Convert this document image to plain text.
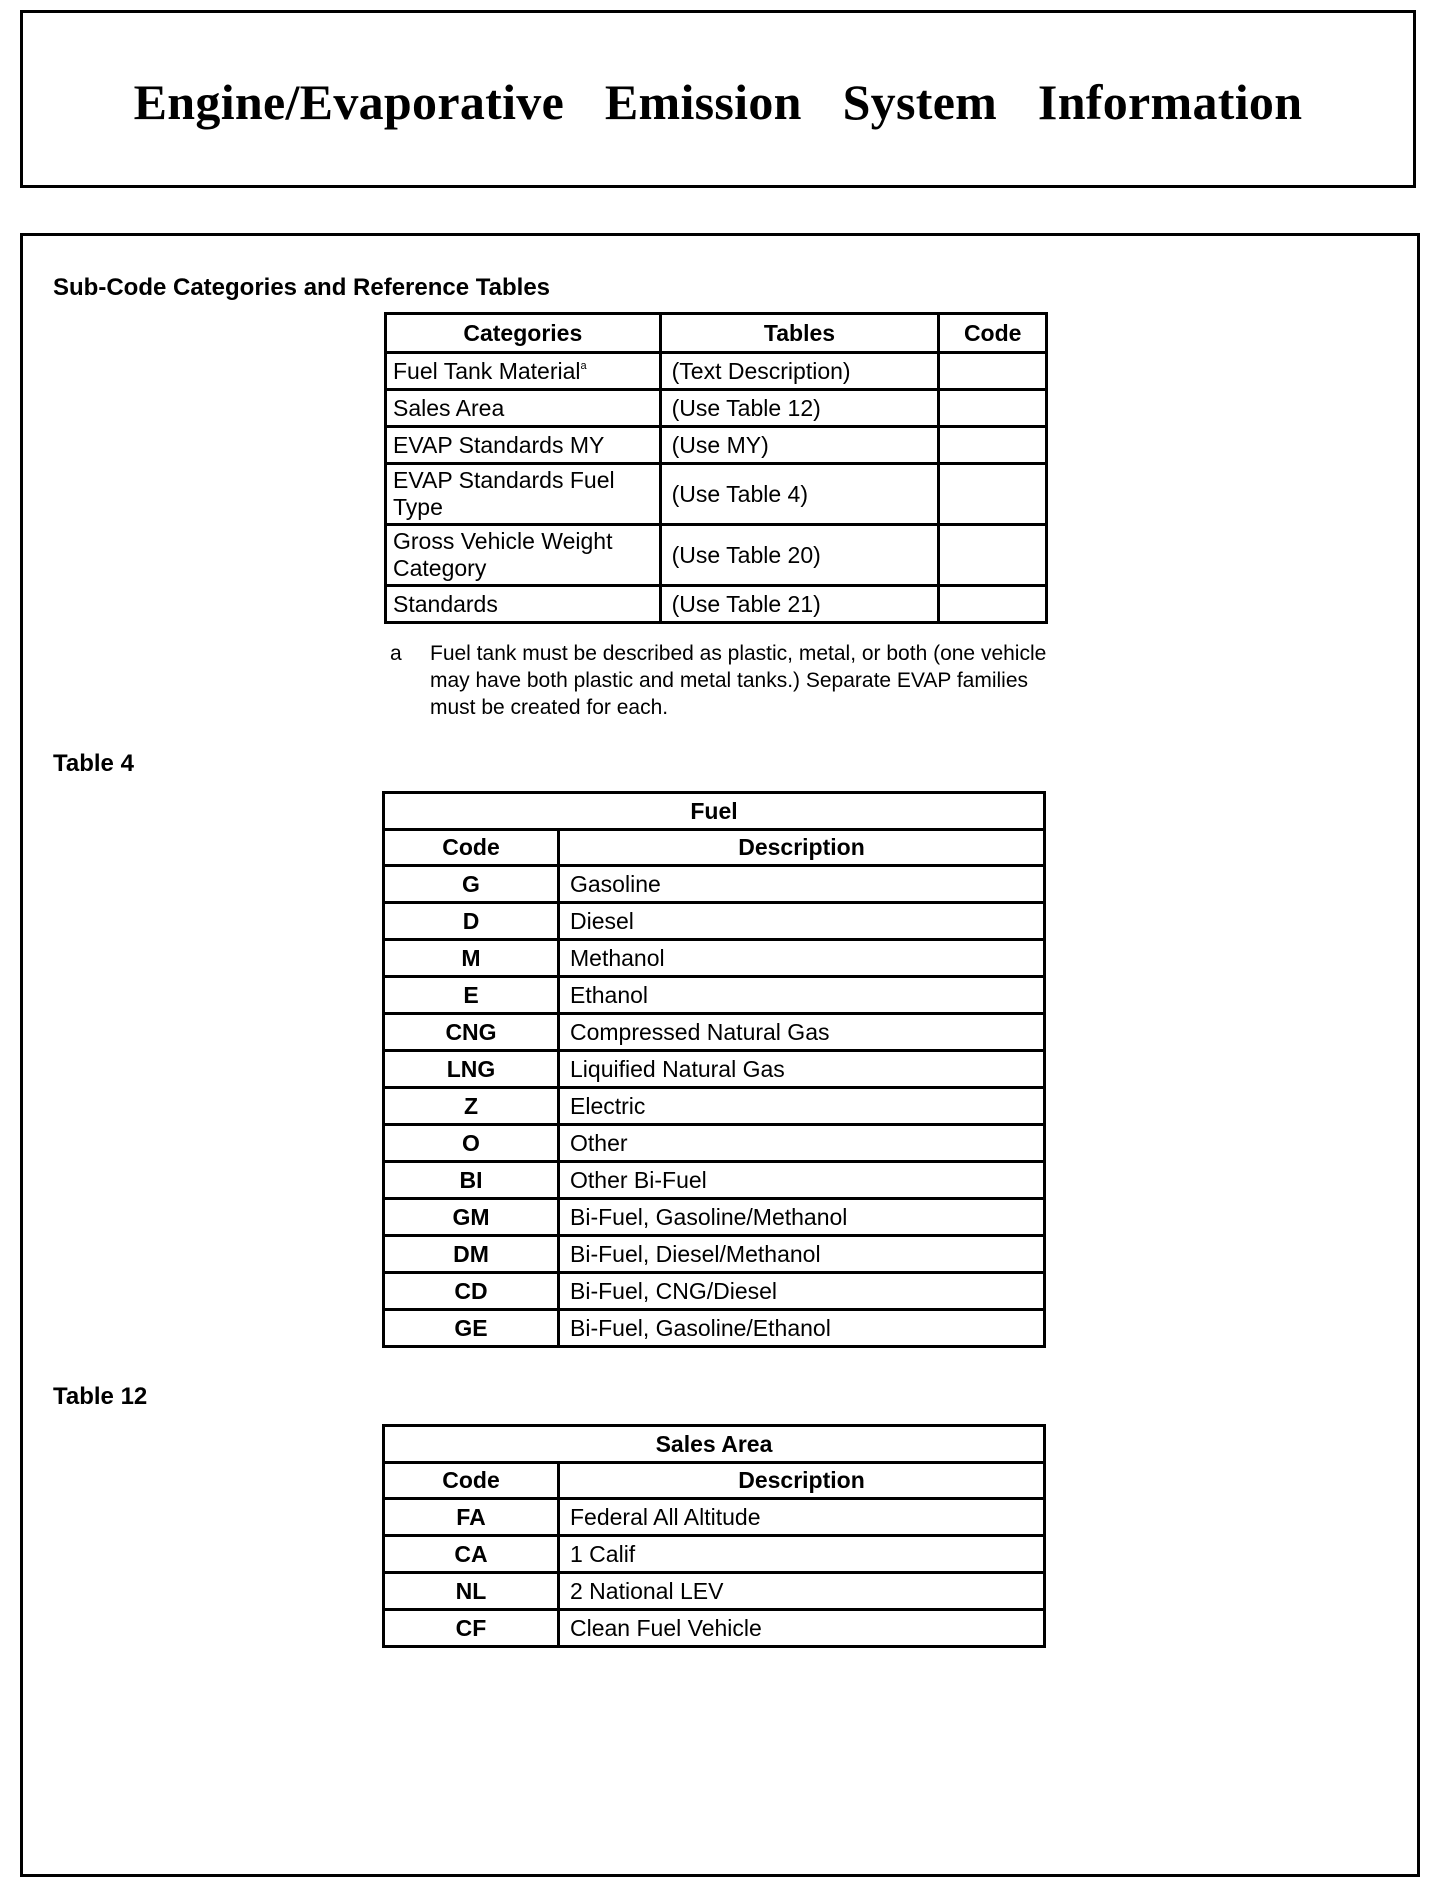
Engine/Evaporative Emission System Information
Sub-Code Categories and Reference Tables
Categories	Tables	Code
Fuel Tank Material$^a$	(Text Description)	
Sales Area	(Use Table 12)	
EVAP Standards MY	(Use MY)	
EVAP Standards Fuel Type	(Use Table 4)	
Gross Vehicle Weight Category	(Use Table 20)	
Standards	(Use Table 21)	
a Fuel tank must be described as plastic, metal, or both (one vehicle may have both plastic and metal tanks.) Separate EVAP families must be created for each.
Table 4
Fuel	
Code	Description
G	Gasoline
D	Diesel
M	Methanol
E	Ethanol
CNG	Compressed Natural Gas
LNG	Liquified Natural Gas
Z	Electric
O	Other
BI	Other Bi-Fuel
GM	Bi-Fuel, Gasoline/Methanol
DM	Bi-Fuel, Diesel/Methanol
CD	Bi-Fuel, CNG/Diesel
GE	Bi-Fuel, Gasoline/Ethanol
Table 12
Sales Area	
Code	Description
FA	Federal All Altitude
CA	1 Calif
NL	2 National LEV
CF	Clean Fuel Vehicle
